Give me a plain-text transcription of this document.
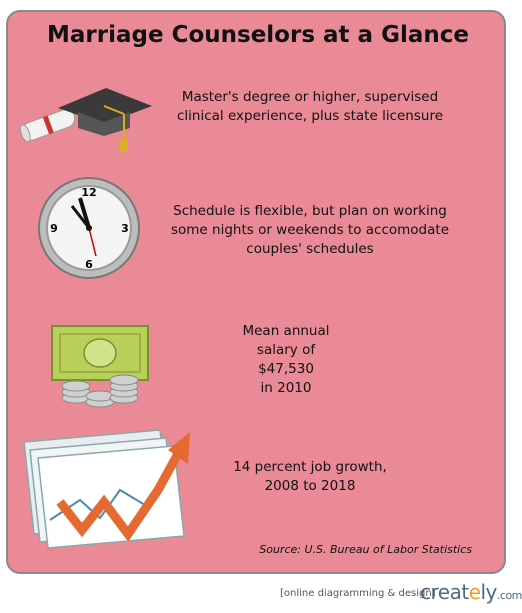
Marriage Counselors at a Glance
Master's degree or higher, supervised
clinical experience, plus state licensure
12
3
6
9
Schedule is flexible, but plan on working
some nights or weekends to accomodate
couples' schedules
Mean annual
salary of
$47,530
in 2010
14 percent job growth,
2008 to 2018
Source: U.S. Bureau of Labor Statistics
[online diagramming & design]
creately.com
